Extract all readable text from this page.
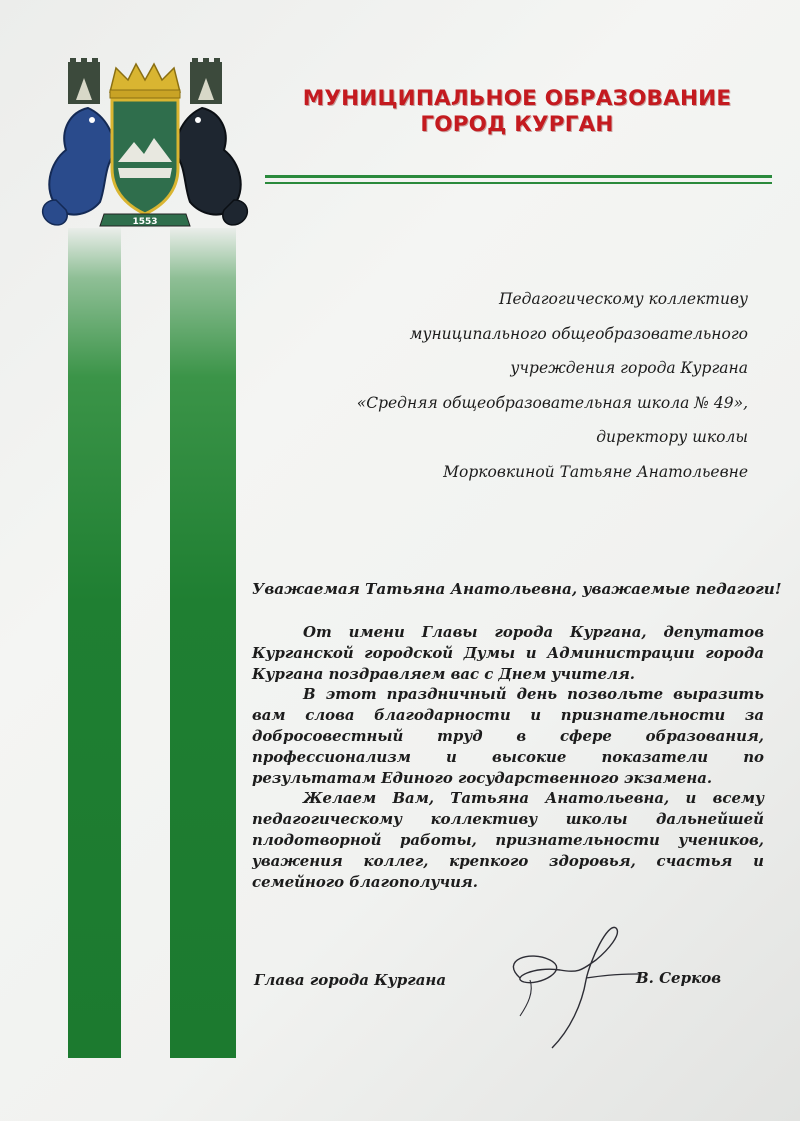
1553
МУНИЦИПАЛЬНОЕ ОБРАЗОВАНИЕ
ГОРОД КУРГАН
Педагогическому коллективу
муниципального общеобразовательного
учреждения города Кургана
«Средняя общеобразовательная школа № 49»,
директору школы
Морковкиной Татьяне Анатольевне
Уважаемая Татьяна Анатольевна, уважаемые педагоги!

От имени Главы города Кургана, депутатов Курганской городской Думы и Администрации города Кургана поздравляем вас с Днем учителя.

В этот праздничный день позвольте выразить вам слова благодарности и признательности за добросовестный труд в сфере образования, профессионализм и высокие показатели по результатам Единого государственного экзамена.

Желаем Вам, Татьяна Анатольевна, и всему педагогическому коллективу школы дальнейшей плодотворной работы, признательности учеников, уважения коллег, крепкого здоровья, счастья и семейного благополучия.

Глава города Кургана	В. Серков
